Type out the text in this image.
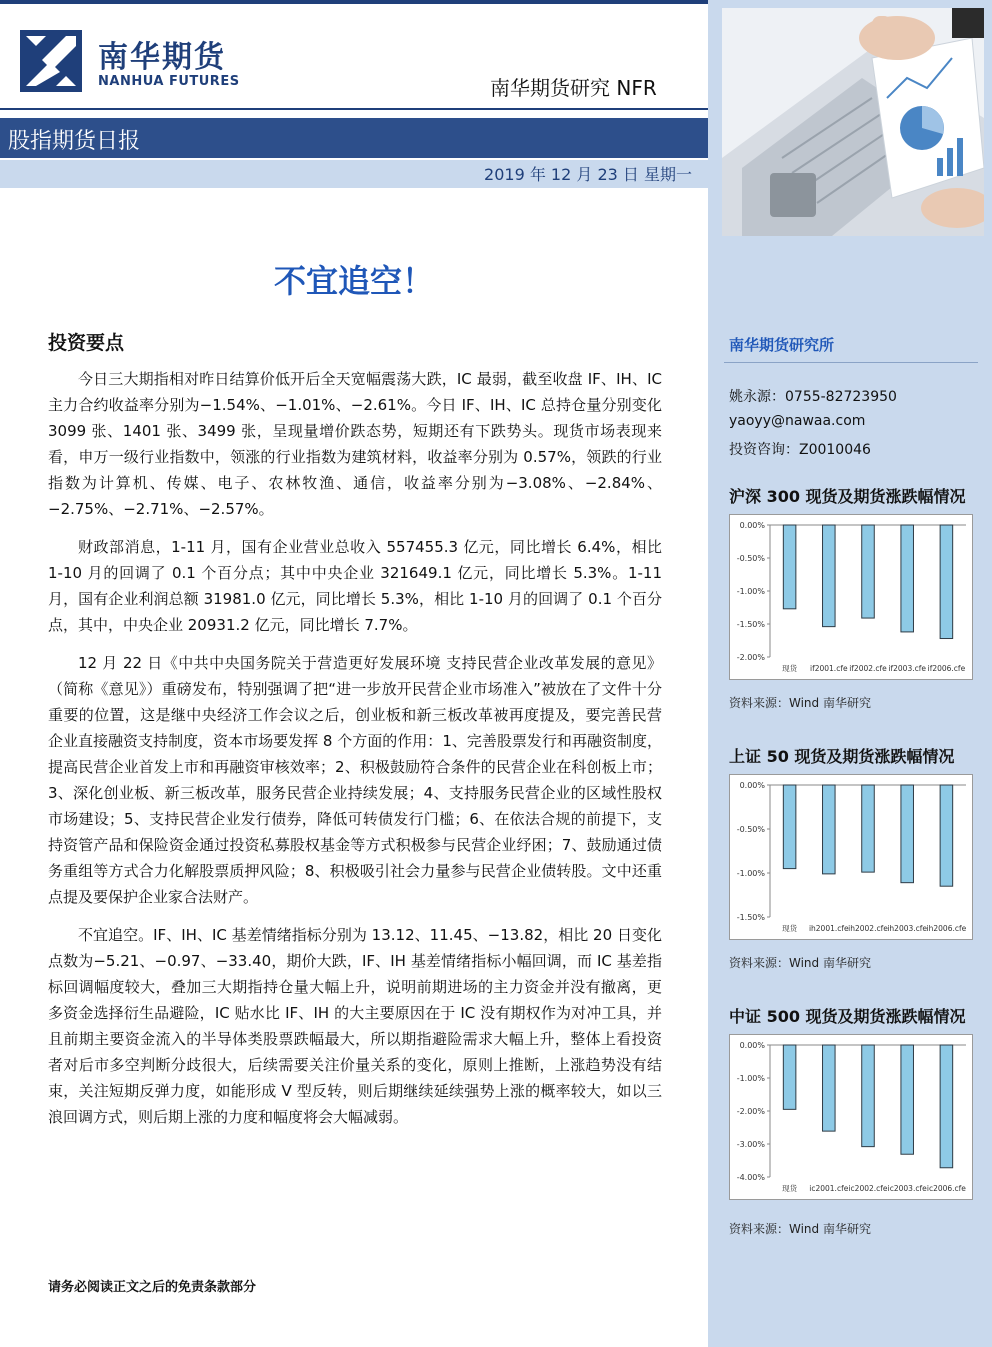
南华期货
NANHUA FUTURES	南华期货研究 NFR
股指期货日报
2019 年 12 月 23 日 星期一
不宜追空！
投资要点

今日三大期指相对昨日结算价低开后全天宽幅震荡大跌，IC 最弱，截至收盘 IF、IH、IC 主力合约收益率分别为−1.54%、−1.01%、−2.61%。今日 IF、IH、IC 总持仓量分别变化 3099 张、1401 张、3499 张，呈现量增价跌态势，短期还有下跌势头。现货市场表现来看，申万一级行业指数中，领涨的行业指数为建筑材料，收益率分别为 0.57%，领跌的行业指数为计算机、传媒、电子、农林牧渔、通信，收益率分别为−3.08%、−2.84%、−2.75%、−2.71%、−2.57%。

财政部消息，1-11 月，国有企业营业总收入 557455.3 亿元，同比增长 6.4%，相比 1-10 月的回调了 0.1 个百分点；其中中央企业 321649.1 亿元，同比增长 5.3%。1-11 月，国有企业利润总额 31981.0 亿元，同比增长 5.3%，相比 1-10 月的回调了 0.1 个百分点，其中，中央企业 20931.2 亿元，同比增长 7.7%。

12 月 22 日《中共中央国务院关于营造更好发展环境 支持民营企业改革发展的意见》（简称《意见》）重磅发布，特别强调了把“进一步放开民营企业市场准入”被放在了文件十分重要的位置，这是继中央经济工作会议之后，创业板和新三板改革被再度提及，要完善民营企业直接融资支持制度，资本市场要发挥 8 个方面的作用：1、完善股票发行和再融资制度，提高民营企业首发上市和再融资审核效率；2、积极鼓励符合条件的民营企业在科创板上市；3、深化创业板、新三板改革，服务民营企业持续发展；4、支持服务民营企业的区域性股权市场建设；5、支持民营企业发行债券，降低可转债发行门槛；6、在依法合规的前提下，支持资管产品和保险资金通过投资私募股权基金等方式积极参与民营企业纾困；7、鼓励通过债务重组等方式合力化解股票质押风险；8、积极吸引社会力量参与民营企业债转股。文中还重点提及要保护企业家合法财产。

不宜追空。IF、IH、IC 基差情绪指标分别为 13.12、11.45、−13.82，相比 20 日变化点数为−5.21、−0.97、−33.40，期价大跌，IF、IH 基差情绪指标小幅回调，而 IC 基差指标回调幅度较大，叠加三大期指持仓量大幅上升，说明前期进场的主力资金并没有撤离，更多资金选择衍生品避险，IC 贴水比 IF、IH 的大主要原因在于 IC 没有期权作为对冲工具，并且前期主要资金流入的半导体类股票跌幅最大，所以期指避险需求大幅上升，整体上看投资者对后市多空判断分歧很大，后续需要关注价量关系的变化，原则上推断，上涨趋势没有结束，关注短期反弹力度，如能形成 V 型反转，则后期继续延续强势上涨的概率较大，如以三浪回调方式，则后期上涨的力度和幅度将会大幅减弱。

请务必阅读正文之后的免责条款部分
南华期货研究所
姚永源：0755-82723950
yaoyy@nawaa.com
投资咨询：Z0010046
沪深 300 现货及期货涨跌幅情况
0.00%
-0.50%
-1.00%
-1.50%
-2.00%
现货 if2001.cfe if2002.cfe if2003.cfe if2006.cfe
资料来源：Wind 南华研究
上证 50 现货及期货涨跌幅情况
0.00%
-0.50%
-1.00%
-1.50%
现货 ih2001.cfe ih2002.cfe ih2003.cfe ih2006.cfe
资料来源：Wind 南华研究
中证 500 现货及期货涨跌幅情况
0.00%
-1.00%
-2.00%
-3.00%
-4.00%
现货 ic2001.cfe ic2002.cfe ic2003.cfe ic2006.cfe
资料来源：Wind 南华研究
